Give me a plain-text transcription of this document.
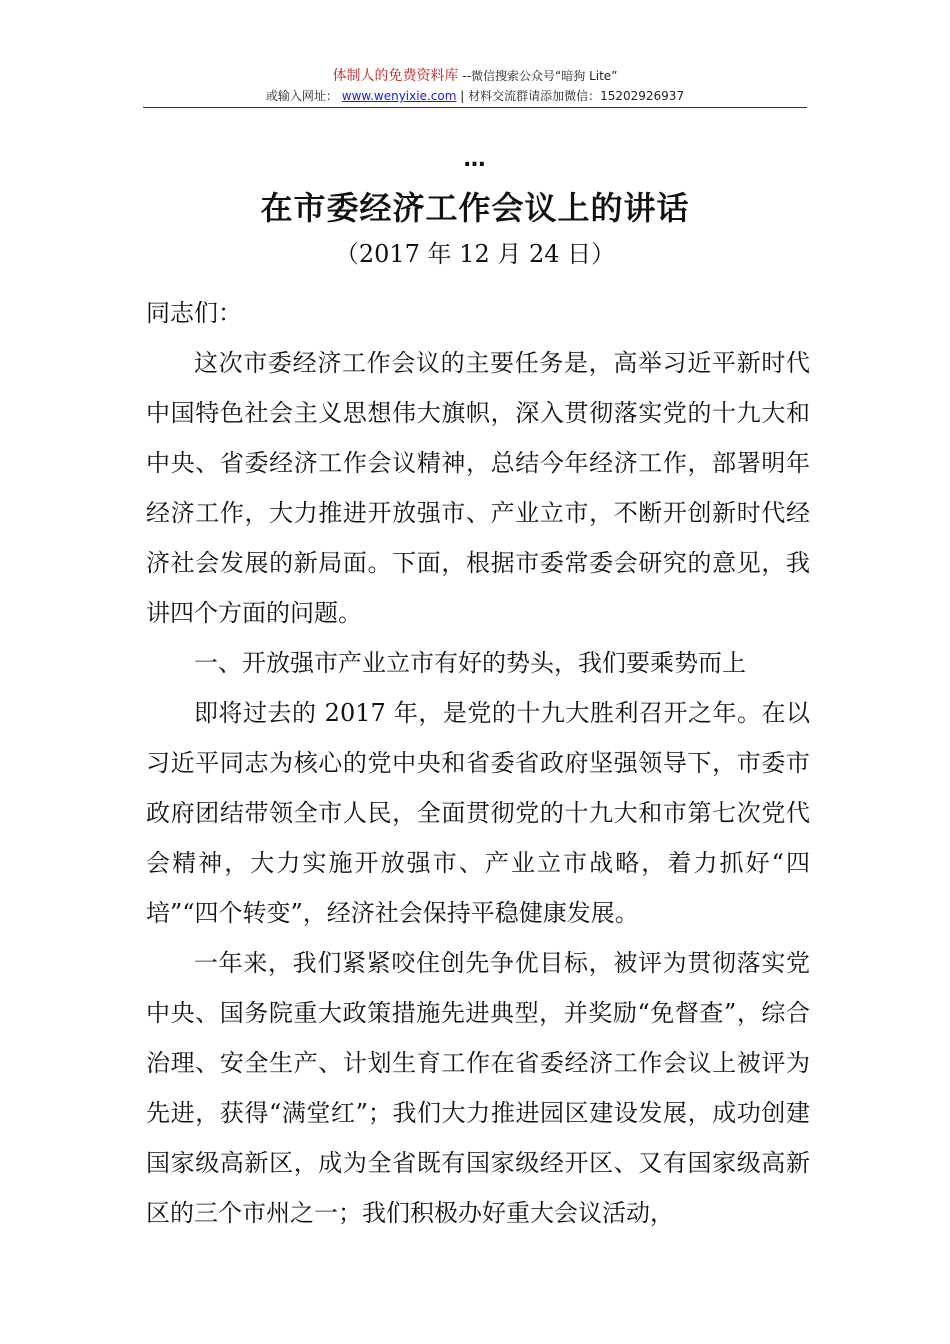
体制人的免费资料库 --微信搜索公众号“暗狗 Lite”
或输入网址： www.wenyixie.com | 材料交流群请添加微信：15202926937
…
在市委经济工作会议上的讲话
（2017 年 12 月 24 日）

同志们：

这次市委经济工作会议的主要任务是，高举习近平新时代中国特色社会主义思想伟大旗帜，深入贯彻落实党的十九大和中央、省委经济工作会议精神，总结今年经济工作，部署明年经济工作，大力推进开放强市、产业立市，不断开创新时代经济社会发展的新局面。下面，根据市委常委会研究的意见，我讲四个方面的问题。

一、开放强市产业立市有好的势头，我们要乘势而上

即将过去的 2017 年，是党的十九大胜利召开之年。在以习近平同志为核心的党中央和省委省政府坚强领导下，市委市政府团结带领全市人民，全面贯彻党的十九大和市第七次党代会精神，大力实施开放强市、产业立市战略，着力抓好“四培”“四个转变”，经济社会保持平稳健康发展。

一年来，我们紧紧咬住创先争优目标，被评为贯彻落实党中央、国务院重大政策措施先进典型，并奖励“免督查”，综合治理、安全生产、计划生育工作在省委经济工作会议上被评为先进，获得“满堂红”；我们大力推进园区建设发展，成功创建国家级高新区，成为全省既有国家级经开区、又有国家级高新区的三个市州之一；我们积极办好重大会议活动，
